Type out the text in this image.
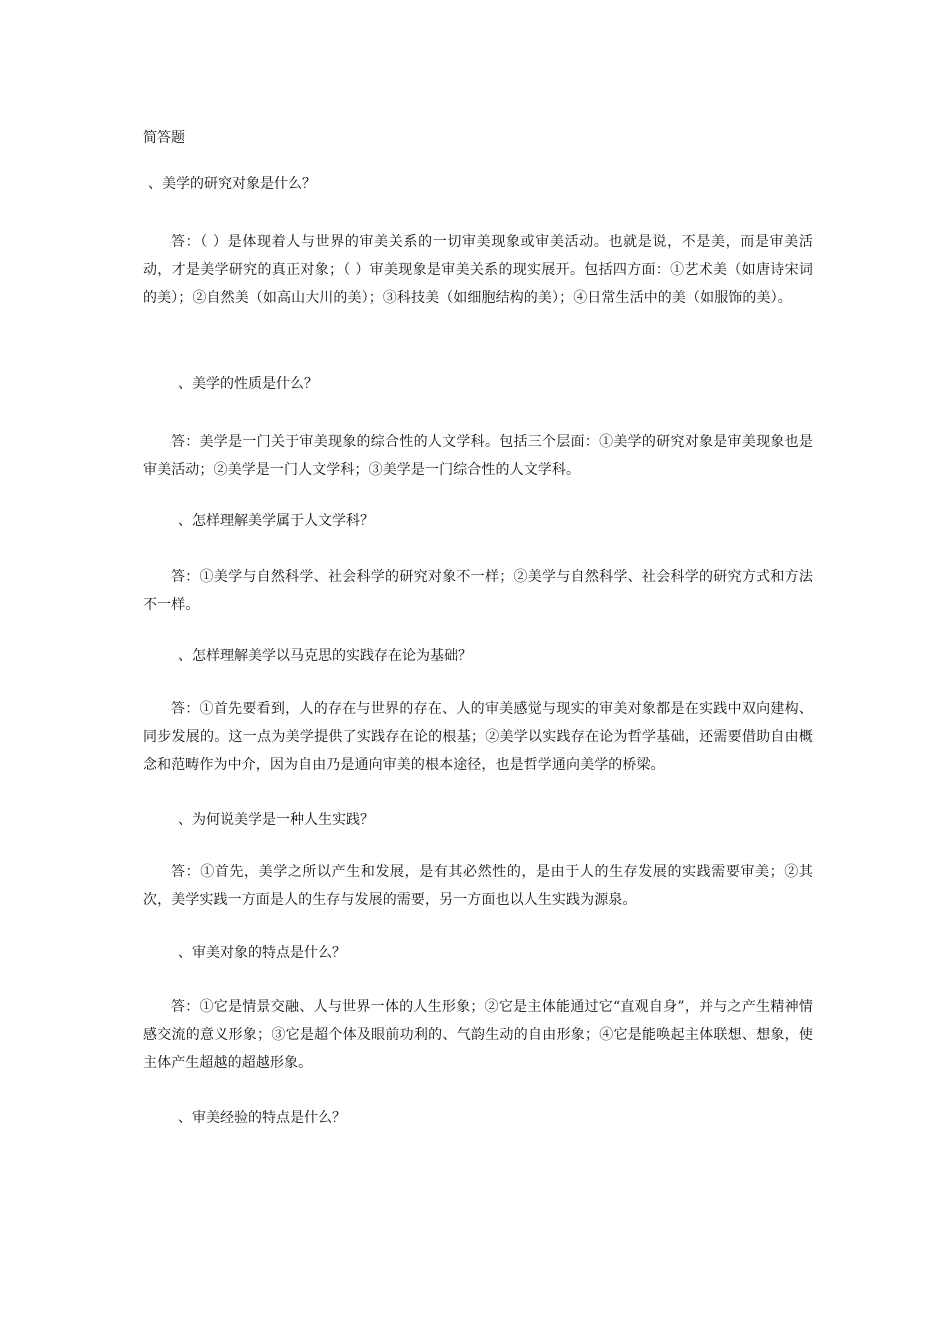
简答题

、美学的研究对象是什么？

答：（ ）是体现着人与世界的审美关系的一切审美现象或审美活动。也就是说，不是美，而是审美活动，才是美学研究的真正对象；（ ）审美现象是审美关系的现实展开。包括四方面：①艺术美（如唐诗宋词的美）；②自然美（如高山大川的美）；③科技美（如细胞结构的美）；④日常生活中的美（如服饰的美）。

、美学的性质是什么？

答：美学是一门关于审美现象的综合性的人文学科。包括三个层面：①美学的研究对象是审美现象也是审美活动；②美学是一门人文学科；③美学是一门综合性的人文学科。

、怎样理解美学属于人文学科？

答：①美学与自然科学、社会科学的研究对象不一样；②美学与自然科学、社会科学的研究方式和方法不一样。

、怎样理解美学以马克思的实践存在论为基础？

答：①首先要看到，人的存在与世界的存在、人的审美感觉与现实的审美对象都是在实践中双向建构、同步发展的。这一点为美学提供了实践存在论的根基；②美学以实践存在论为哲学基础，还需要借助自由概念和范畴作为中介，因为自由乃是通向审美的根本途径，也是哲学通向美学的桥梁。

、为何说美学是一种人生实践？

答：①首先，美学之所以产生和发展，是有其必然性的，是由于人的生存发展的实践需要审美；②其次，美学实践一方面是人的生存与发展的需要，另一方面也以人生实践为源泉。

、审美对象的特点是什么？

答：①它是情景交融、人与世界一体的人生形象；②它是主体能通过它“直观自身”，并与之产生精神情感交流的意义形象；③它是超个体及眼前功利的、气韵生动的自由形象；④它是能唤起主体联想、想象，使主体产生超越的超越形象。

、审美经验的特点是什么？
